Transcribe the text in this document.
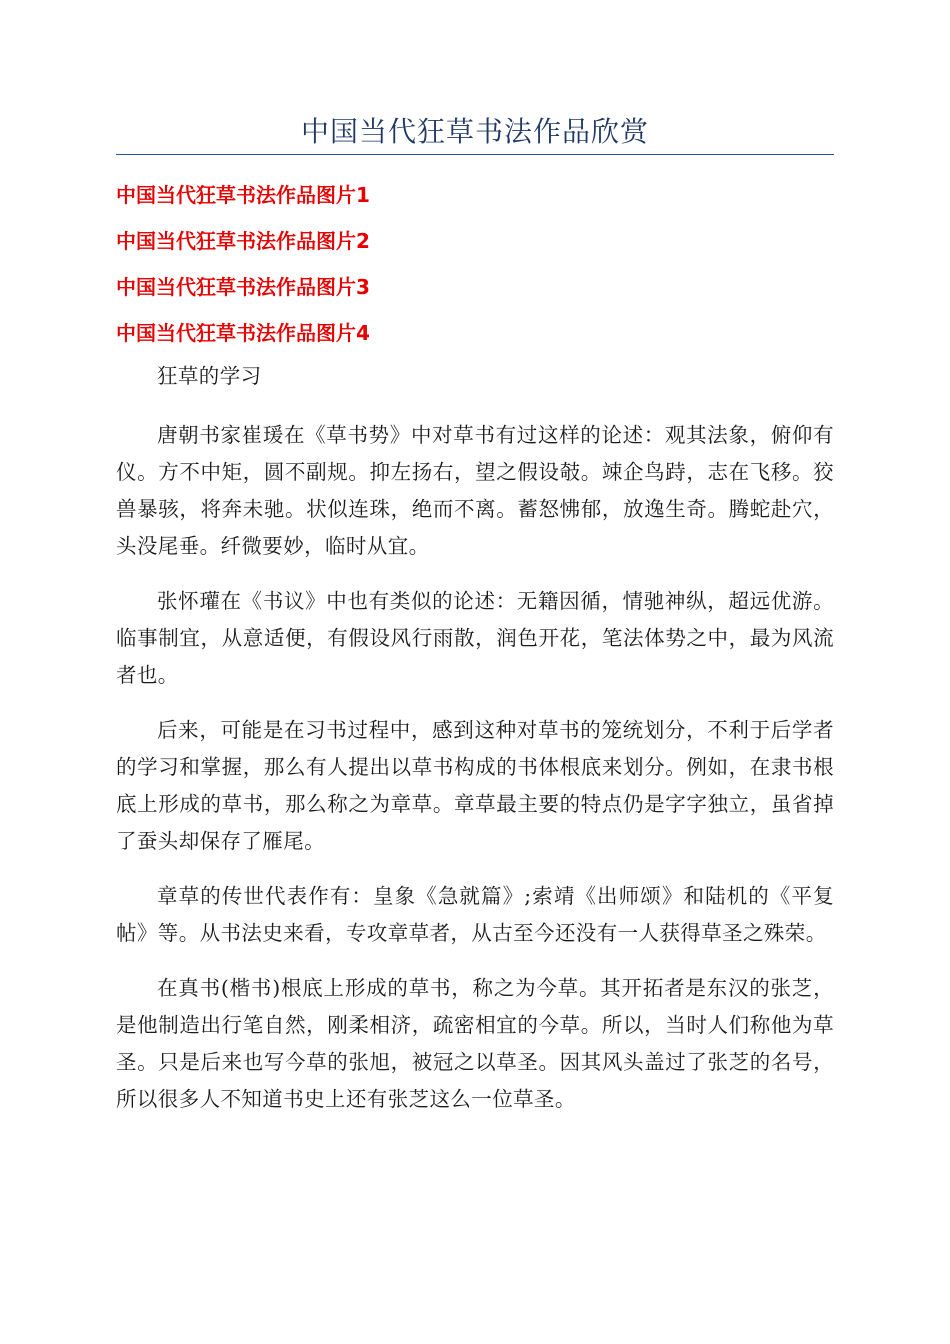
中国当代狂草书法作品欣赏
中国当代狂草书法作品图片1
中国当代狂草书法作品图片2
中国当代狂草书法作品图片3
中国当代狂草书法作品图片4

狂草的学习

唐朝书家崔瑗在《草书势》中对草书有过这样的论述：观其法象，俯仰有仪。方不中矩，圆不副规。抑左扬右，望之假设攲。竦企鸟跱，志在飞移。狡兽暴骇，将奔未驰。状似连珠，绝而不离。蓄怒怫郁，放逸生奇。腾蛇赴穴，头没尾垂。纤微要妙，临时从宜。

张怀瓘在《书议》中也有类似的论述：无籍因循，情驰神纵，超远优游。临事制宜，从意适便，有假设风行雨散，润色开花，笔法体势之中，最为风流者也。

后来，可能是在习书过程中，感到这种对草书的笼统划分，不利于后学者的学习和掌握，那么有人提出以草书构成的书体根底来划分。例如，在隶书根底上形成的草书，那么称之为章草。章草最主要的特点仍是字字独立，虽省掉了蚕头却保存了雁尾。

章草的传世代表作有：皇象《急就篇》;索靖《出师颂》和陆机的《平复帖》等。从书法史来看，专攻章草者，从古至今还没有一人获得草圣之殊荣。

在真书(楷书)根底上形成的草书，称之为今草。其开拓者是东汉的张芝，是他制造出行笔自然，刚柔相济，疏密相宜的今草。所以，当时人们称他为草圣。只是后来也写今草的张旭，被冠之以草圣。因其风头盖过了张芝的名号，所以很多人不知道书史上还有张芝这么一位草圣。
